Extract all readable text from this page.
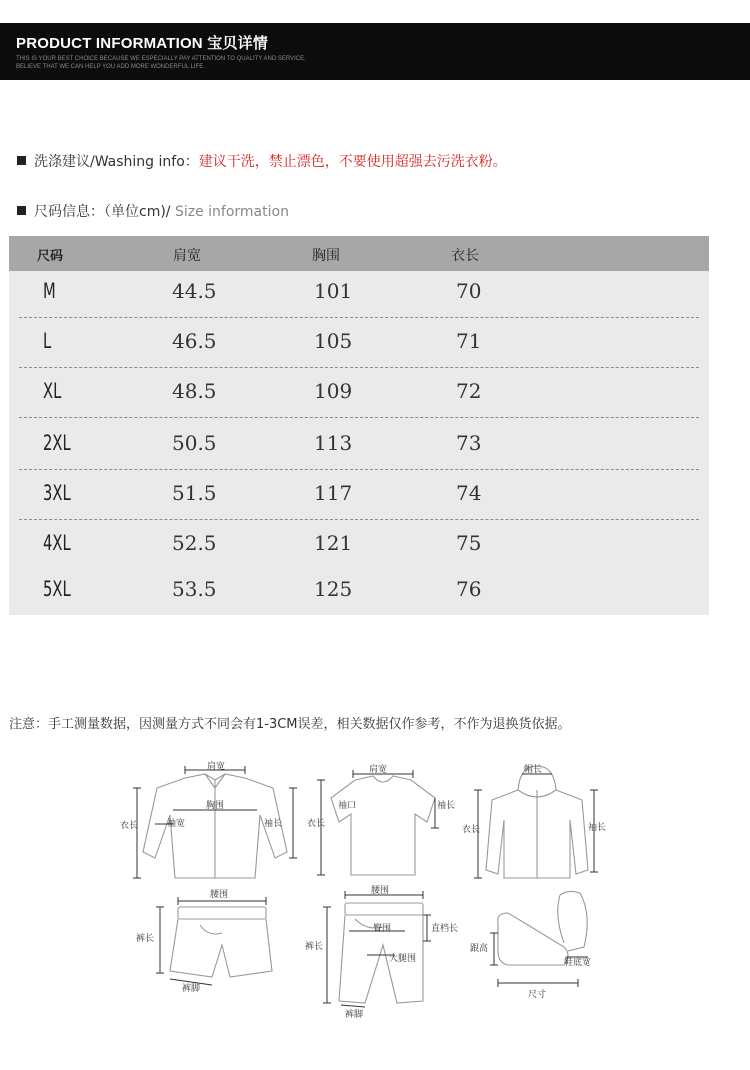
PRODUCT INFORMATION 宝贝详情
THIS IS YOUR BEST CHOICE BECAUSE WE ESPECIALLY PAY ATTENTION TO QUALITY AND SERVICE.
BELIEVE THAT WE CAN HELP YOU ADD MORE WONDERFUL LIFE.
洗涤建议/Washing info：建议干洗，禁止漂色，不要使用超强去污洗衣粉。
尺码信息：（单位cm)/ Size information
尺码	肩宽	胸围	衣长
M	44.5	101	70
L	46.5	105	71
XL	48.5	109	72
2XL	50.5	113	73
3XL	51.5	117	74
4XL	52.5	121	75
5XL	53.5	125	76
注意：手工测量数据，因测量方式不同会有1-3CM误差，相关数据仅作参考，不作为退换货依据。
肩宽
胸围
袖宽
衣长	袖长
肩宽
袖口
衣长
袖长
帽长
衣长	袖长
腰围
裤长
裤脚
腰围
臀围	直档长
裤长
大腿围
裤脚
跟高
鞋底宽
尺寸
